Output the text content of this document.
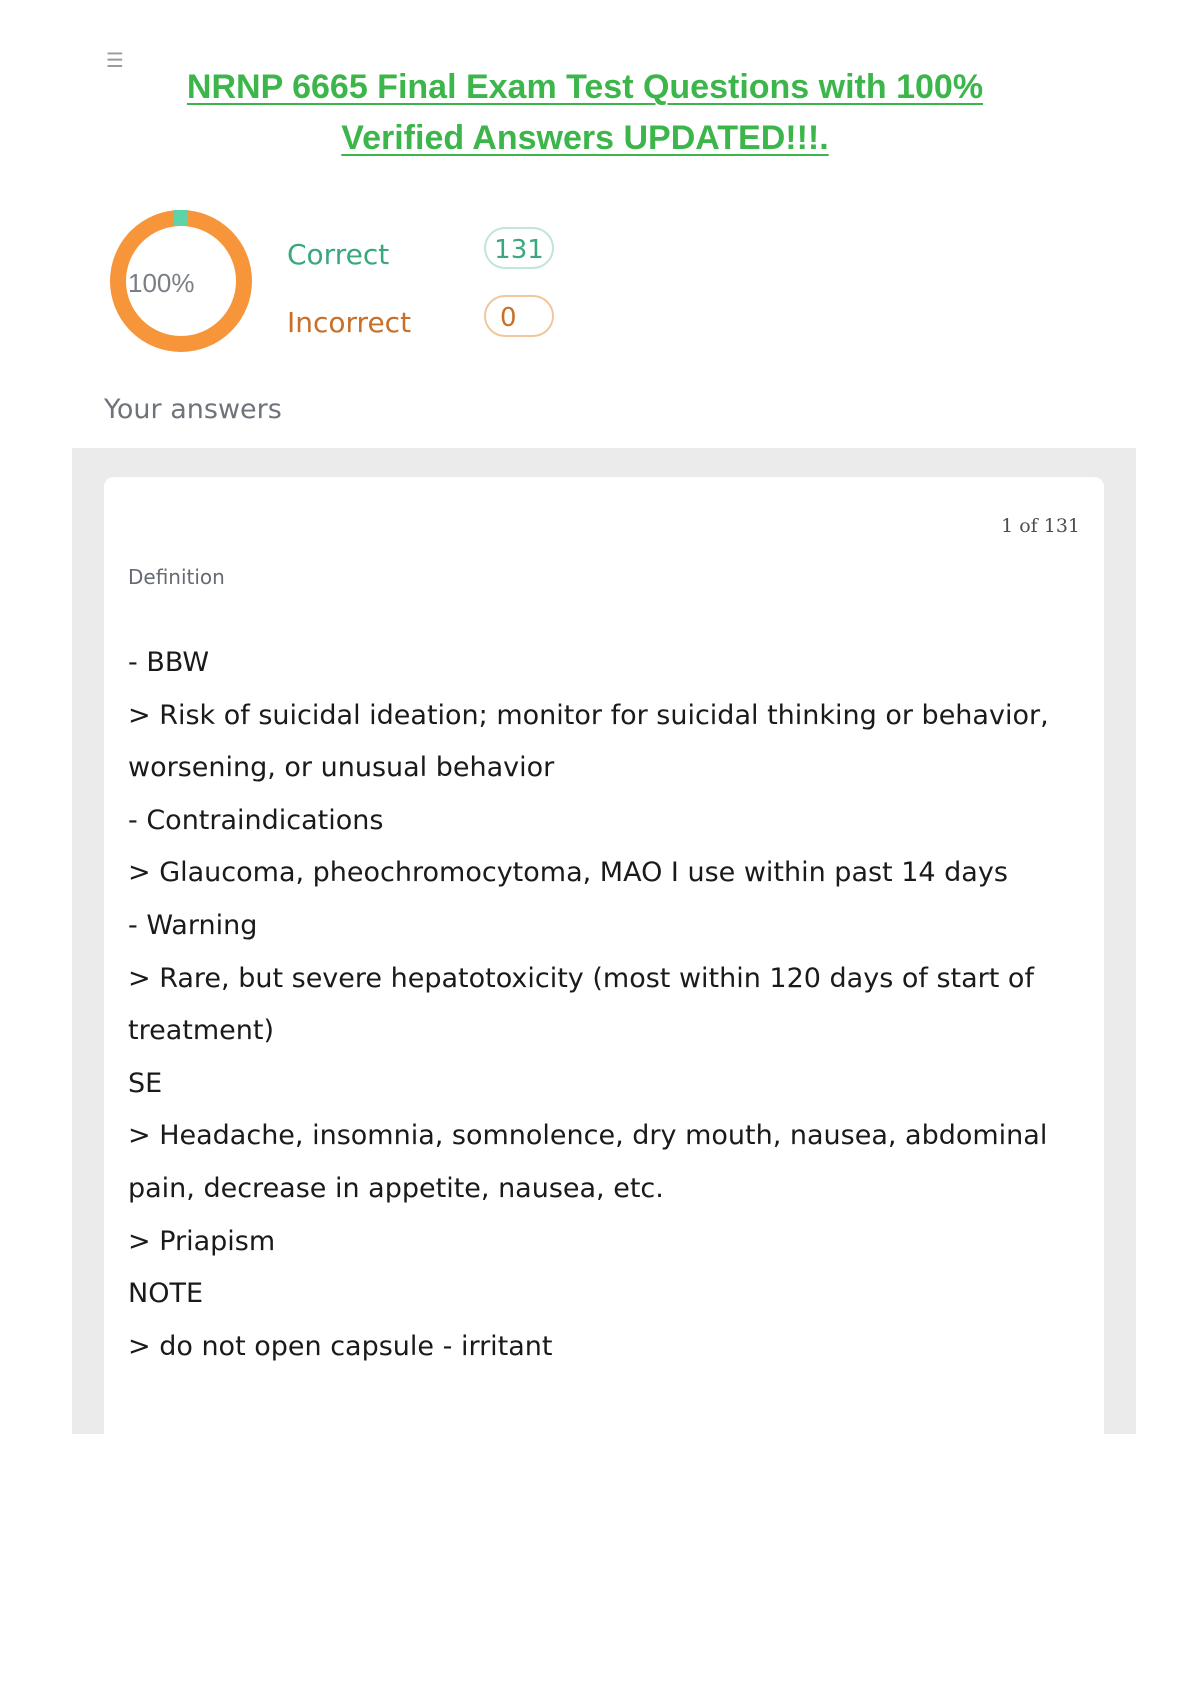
☰
NRNP 6665 Final Exam Test Questions with 100%
Verified Answers UPDATED!!!.
100%
Correct	131
Incorrect	0
Your answers
1 of 131
Definition
- BBW
> Risk of suicidal ideation; monitor for suicidal thinking or behavior,
worsening, or unusual behavior
- Contraindications
> Glaucoma, pheochromocytoma, MAO I use within past 14 days
- Warning
> Rare, but severe hepatotoxicity (most within 120 days of start of
treatment)
SE
> Headache, insomnia, somnolence, dry mouth, nausea, abdominal
pain, decrease in appetite, nausea, etc.
> Priapism
NOTE
> do not open capsule - irritant
